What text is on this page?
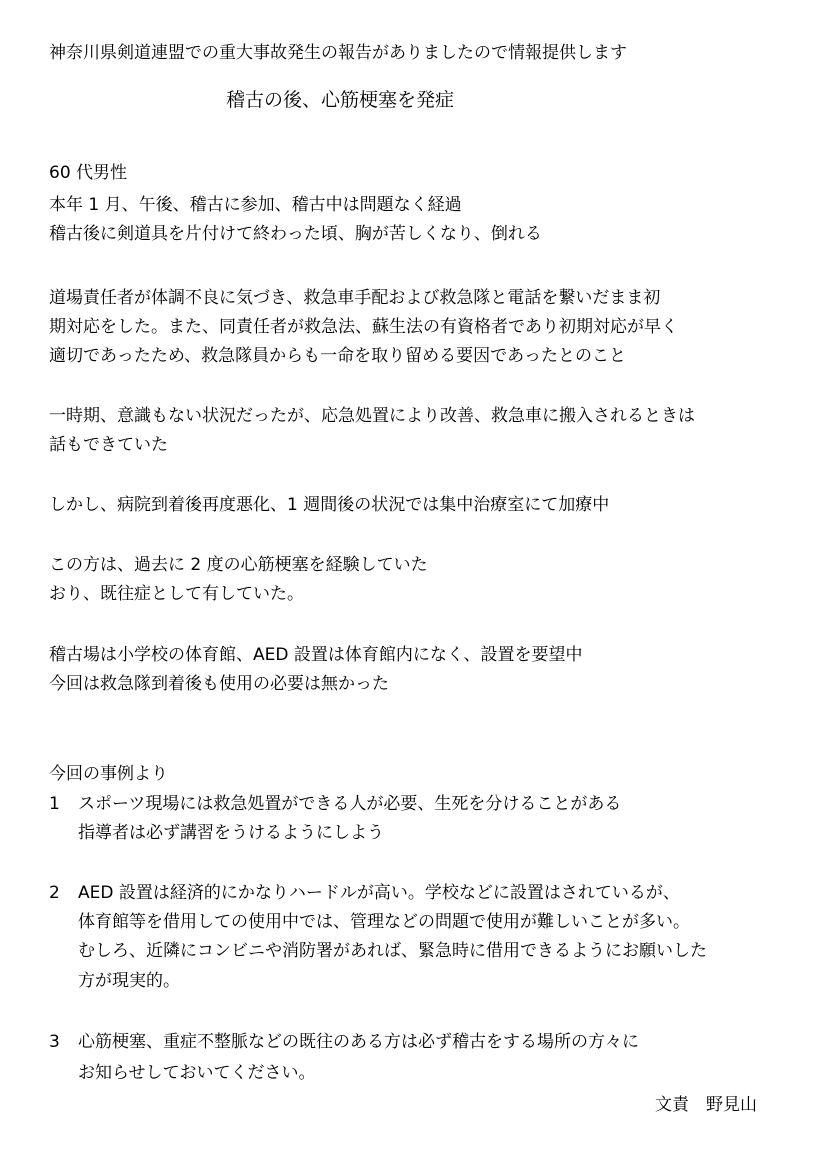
神奈川県剣道連盟での重大事故発生の報告がありましたので情報提供します
稽古の後、心筋梗塞を発症
60 代男性
本年 1 月、午後、稽古に参加、稽古中は問題なく経過
稽古後に剣道具を片付けて終わった頃、胸が苦しくなり、倒れる
道場責任者が体調不良に気づき、救急車手配および救急隊と電話を繋いだまま初
期対応をした。また、同責任者が救急法、蘇生法の有資格者であり初期対応が早く
適切であったため、救急隊員からも一命を取り留める要因であったとのこと
一時期、意識もない状況だったが、応急処置により改善、救急車に搬入されるときは
話もできていた
しかし、病院到着後再度悪化、1 週間後の状況では集中治療室にて加療中
この方は、過去に 2 度の心筋梗塞を経験していた
おり、既往症として有していた。
稽古場は小学校の体育館、AED 設置は体育館内になく、設置を要望中
今回は救急隊到着後も使用の必要は無かった
今回の事例より
1 スポーツ現場には救急処置ができる人が必要、生死を分けることがある
指導者は必ず講習をうけるようにしよう
2 AED 設置は経済的にかなりハードルが高い。学校などに設置はされているが、
体育館等を借用しての使用中では、管理などの問題で使用が難しいことが多い。
むしろ、近隣にコンビニや消防署があれば、緊急時に借用できるようにお願いした
方が現実的。
3 心筋梗塞、重症不整脈などの既往のある方は必ず稽古をする場所の方々に
お知らせしておいてください。
文責　野見山
